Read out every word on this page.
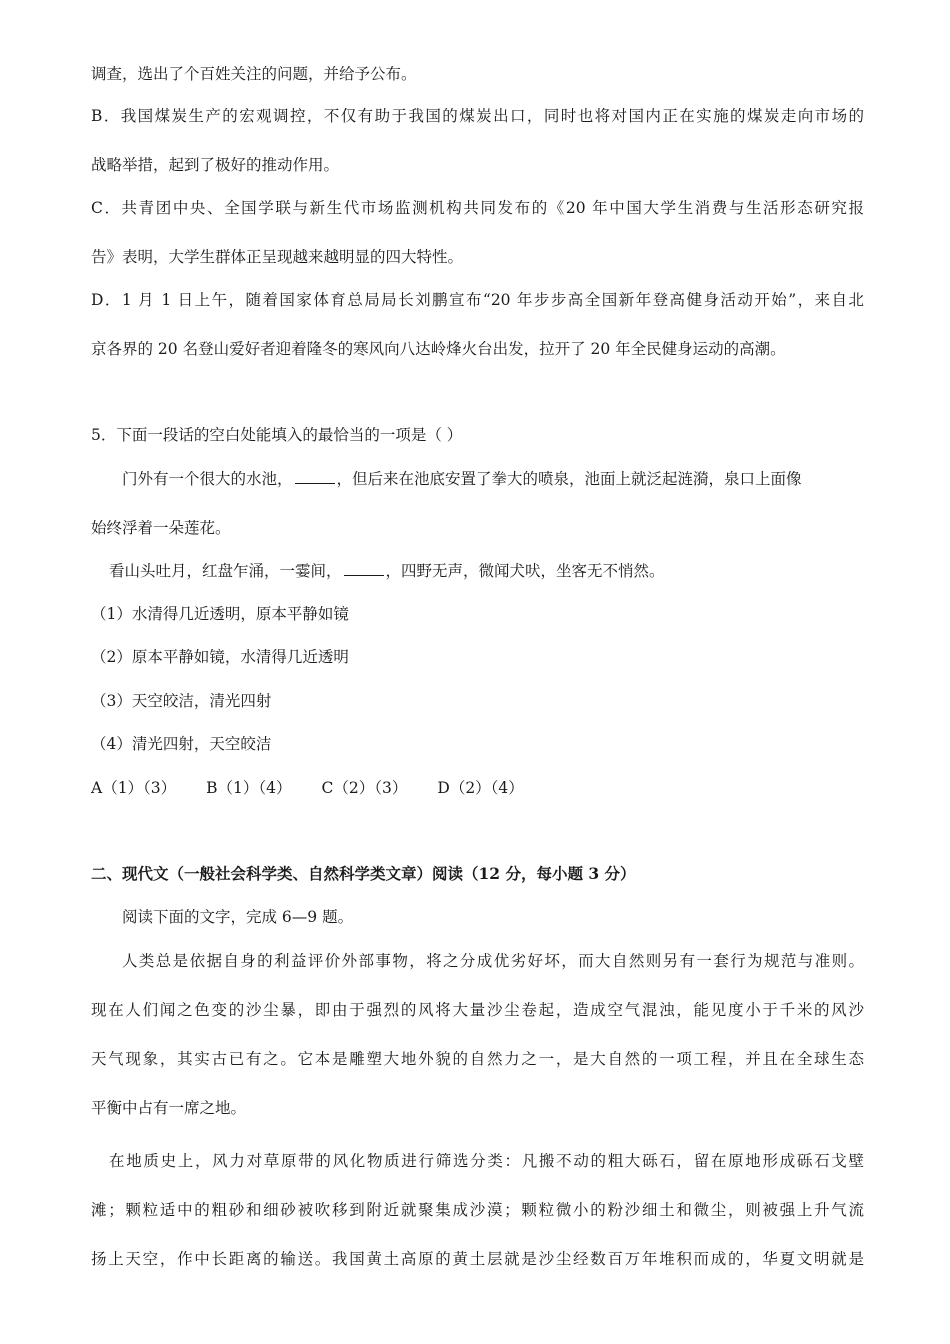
调查，选出了个百姓关注的问题，并给予公布。
B．我国煤炭生产的宏观调控，不仅有助于我国的煤炭出口，同时也将对国内正在实施的煤炭走向市场的
战略举措，起到了极好的推动作用。
C．共青团中央、全国学联与新生代市场监测机构共同发布的《20 年中国大学生消费与生活形态研究报
告》表明，大学生群体正呈现越来越明显的四大特性。
D．1 月 1 日上午，随着国家体育总局局长刘鹏宣布“20 年步步高全国新年登高健身活动开始”，来自北
京各界的 20 名登山爱好者迎着隆冬的寒风向八达岭烽火台出发，拉开了 20 年全民健身运动的高潮。
5．下面一段话的空白处能填入的最恰当的一项是（ ）
门外有一个很大的水池，	，但后来在池底安置了拳大的喷泉，池面上就泛起涟漪，泉口上面像
始终浮着一朵莲花。
看山头吐月，红盘乍涌，一霎间，	，四野无声，微闻犬吠，坐客无不悄然。
（1）水清得几近透明，原本平静如镜
（2）原本平静如镜，水清得几近透明
（3）天空皎洁，清光四射
（4）清光四射，天空皎洁
A（1）（3） B（1）（4） C（2）（3） D（2）（4）
二、现代文（一般社会科学类、自然科学类文章）阅读（12 分，每小题 3 分）
阅读下面的文字，完成 6—9 题。
人类总是依据自身的利益评价外部事物，将之分成优劣好坏，而大自然则另有一套行为规范与准则。
现在人们闻之色变的沙尘暴，即由于强烈的风将大量沙尘卷起，造成空气混浊，能见度小于千米的风沙
天气现象，其实古已有之。它本是雕塑大地外貌的自然力之一，是大自然的一项工程，并且在全球生态
平衡中占有一席之地。
在地质史上，风力对草原带的风化物质进行筛选分类：凡搬不动的粗大砾石，留在原地形成砾石戈壁
滩；颗粒适中的粗砂和细砂被吹移到附近就聚集成沙漠；颗粒微小的粉沙细土和微尘，则被强上升气流
扬上天空，作中长距离的输送。我国黄土高原的黄土层就是沙尘经数百万年堆积而成的，华夏文明就是
